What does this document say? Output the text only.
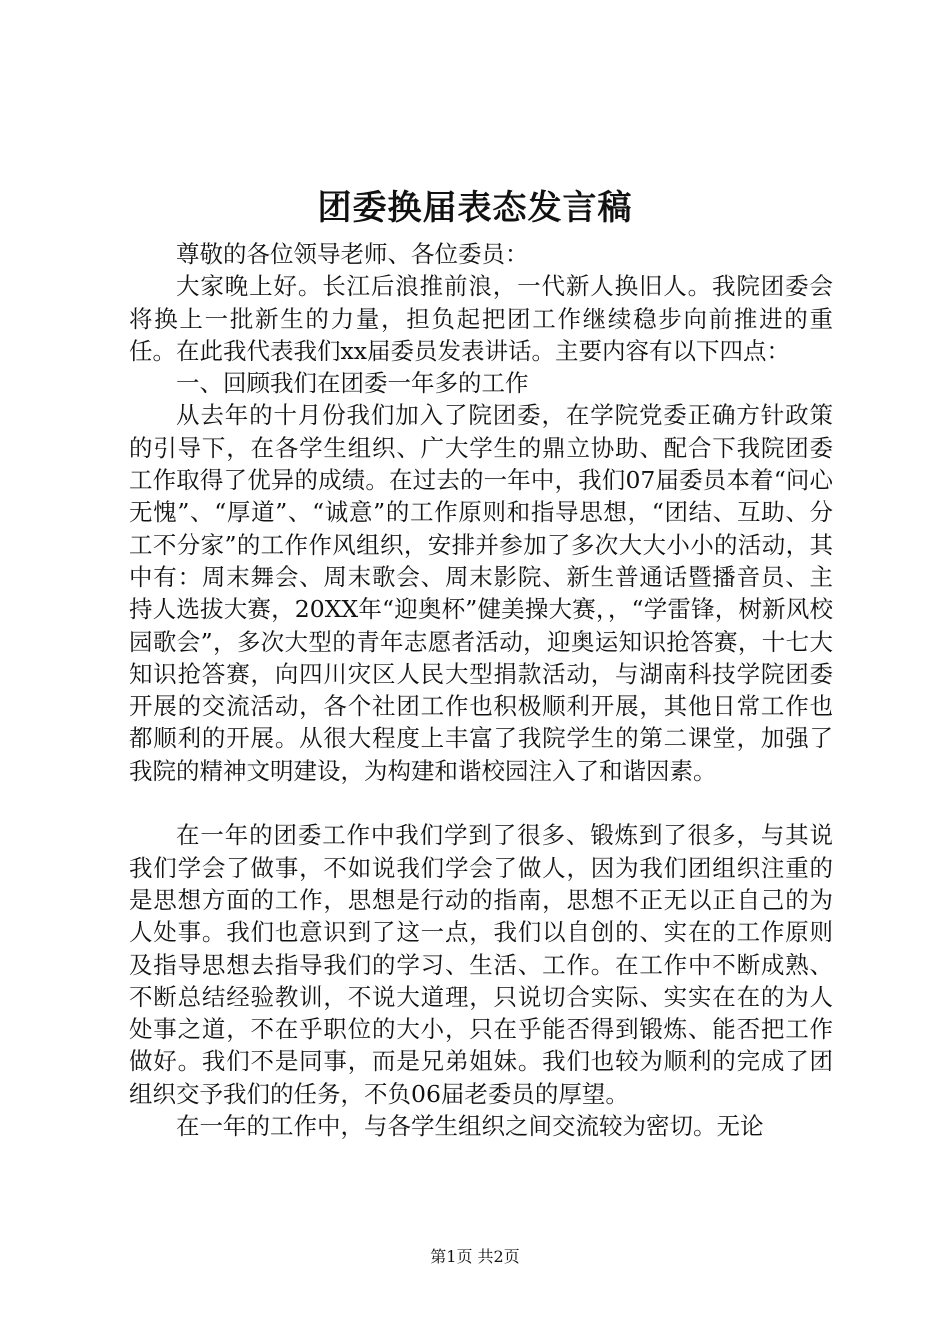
团委换届表态发言稿

尊敬的各位领导老师、各位委员：

大家晚上好。长江后浪推前浪，一代新人换旧人。我院团委会将换上一批新生的力量，担负起把团工作继续稳步向前推进的重任。在此我代表我们xx届委员发表讲话。主要内容有以下四点：

一、回顾我们在团委一年多的工作

从去年的十月份我们加入了院团委，在学院党委正确方针政策的引导下，在各学生组织、广大学生的鼎立协助、配合下我院团委工作取得了优异的成绩。在过去的一年中，我们07届委员本着“问心无愧”、“厚道”、“诚意”的工作原则和指导思想，“团结、互助、分工不分家”的工作作风组织，安排并参加了多次大大小小的活动，其中有：周末舞会、周末歌会、周末影院、新生普通话暨播音员、主持人选拔大赛，20XX年“迎奥杯”健美操大赛，，“学雷锋，树新风校园歌会”，多次大型的青年志愿者活动，迎奥运知识抢答赛，十七大知识抢答赛，向四川灾区人民大型捐款活动，与湖南科技学院团委开展的交流活动，各个社团工作也积极顺利开展，其他日常工作也都顺利的开展。从很大程度上丰富了我院学生的第二课堂，加强了我院的精神文明建设，为构建和谐校园注入了和谐因素。

在一年的团委工作中我们学到了很多、锻炼到了很多，与其说我们学会了做事，不如说我们学会了做人，因为我们团组织注重的是思想方面的工作，思想是行动的指南，思想不正无以正自己的为人处事。我们也意识到了这一点，我们以自创的、实在的工作原则及指导思想去指导我们的学习、生活、工作。在工作中不断成熟、不断总结经验教训，不说大道理，只说切合实际、实实在在的为人处事之道，不在乎职位的大小，只在乎能否得到锻炼、能否把工作做好。我们不是同事，而是兄弟姐妹。我们也较为顺利的完成了团组织交予我们的任务，不负06届老委员的厚望。

在一年的工作中，与各学生组织之间交流较为密切。无论

第1页 共2页
